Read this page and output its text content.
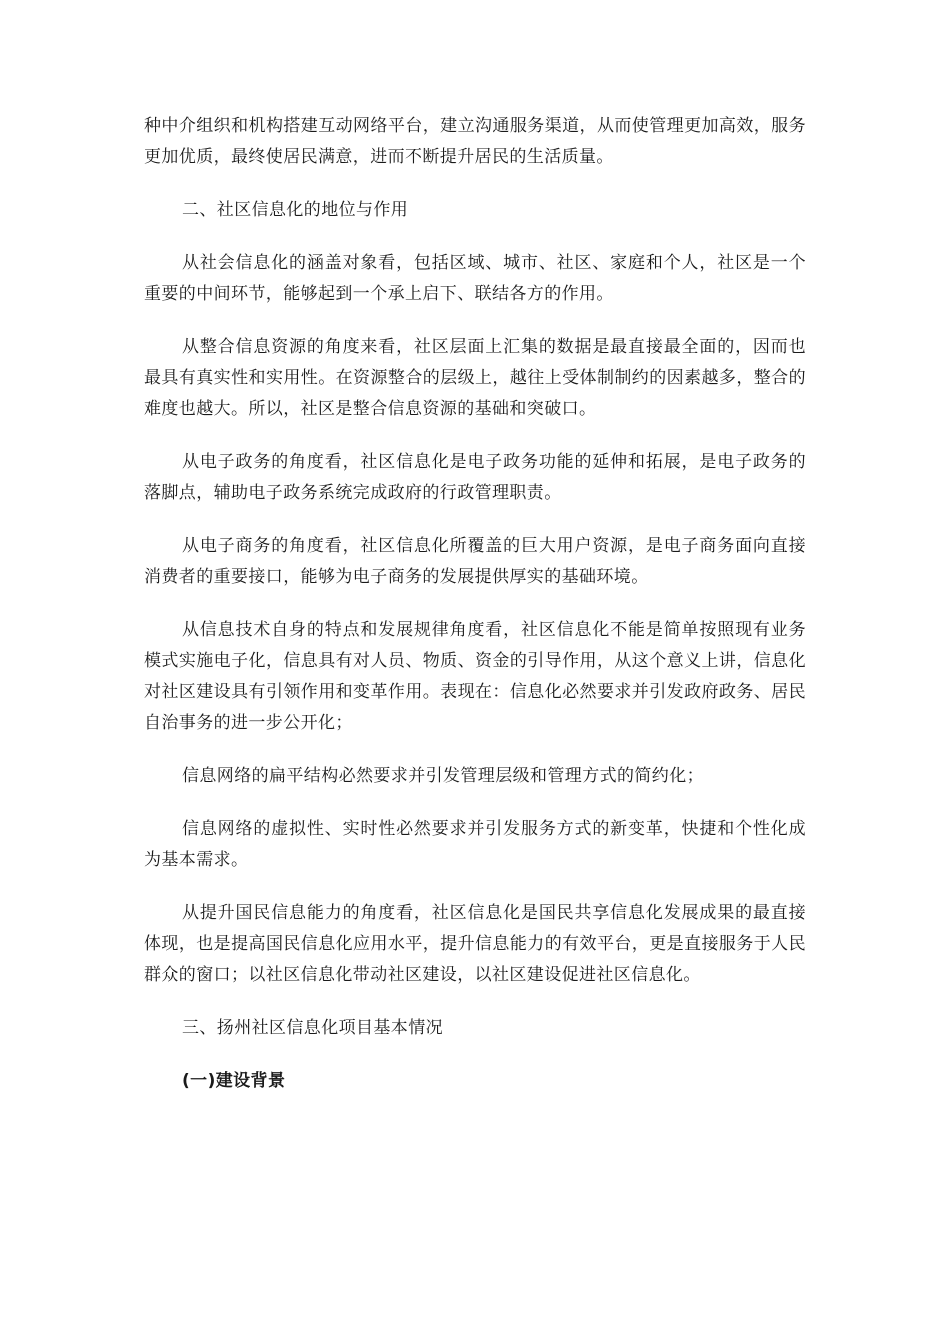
种中介组织和机构搭建互动网络平台，建立沟通服务渠道，从而使管理更加高效，服务更加优质，最终使居民满意，进而不断提升居民的生活质量。

二、社区信息化的地位与作用

从社会信息化的涵盖对象看，包括区域、城市、社区、家庭和个人，社区是一个重要的中间环节，能够起到一个承上启下、联结各方的作用。

从整合信息资源的角度来看，社区层面上汇集的数据是最直接最全面的，因而也最具有真实性和实用性。在资源整合的层级上，越往上受体制制约的因素越多，整合的难度也越大。所以，社区是整合信息资源的基础和突破口。

从电子政务的角度看，社区信息化是电子政务功能的延伸和拓展，是电子政务的落脚点，辅助电子政务系统完成政府的行政管理职责。

从电子商务的角度看，社区信息化所覆盖的巨大用户资源，是电子商务面向直接消费者的重要接口，能够为电子商务的发展提供厚实的基础环境。

从信息技术自身的特点和发展规律角度看，社区信息化不能是简单按照现有业务模式实施电子化，信息具有对人员、物质、资金的引导作用，从这个意义上讲，信息化对社区建设具有引领作用和变革作用。表现在：信息化必然要求并引发政府政务、居民自治事务的进一步公开化；

信息网络的扁平结构必然要求并引发管理层级和管理方式的简约化；

信息网络的虚拟性、实时性必然要求并引发服务方式的新变革，快捷和个性化成为基本需求。

从提升国民信息能力的角度看，社区信息化是国民共享信息化发展成果的最直接体现，也是提高国民信息化应用水平，提升信息能力的有效平台，更是直接服务于人民群众的窗口；以社区信息化带动社区建设，以社区建设促进社区信息化。

三、扬州社区信息化项目基本情况

(一)建设背景
